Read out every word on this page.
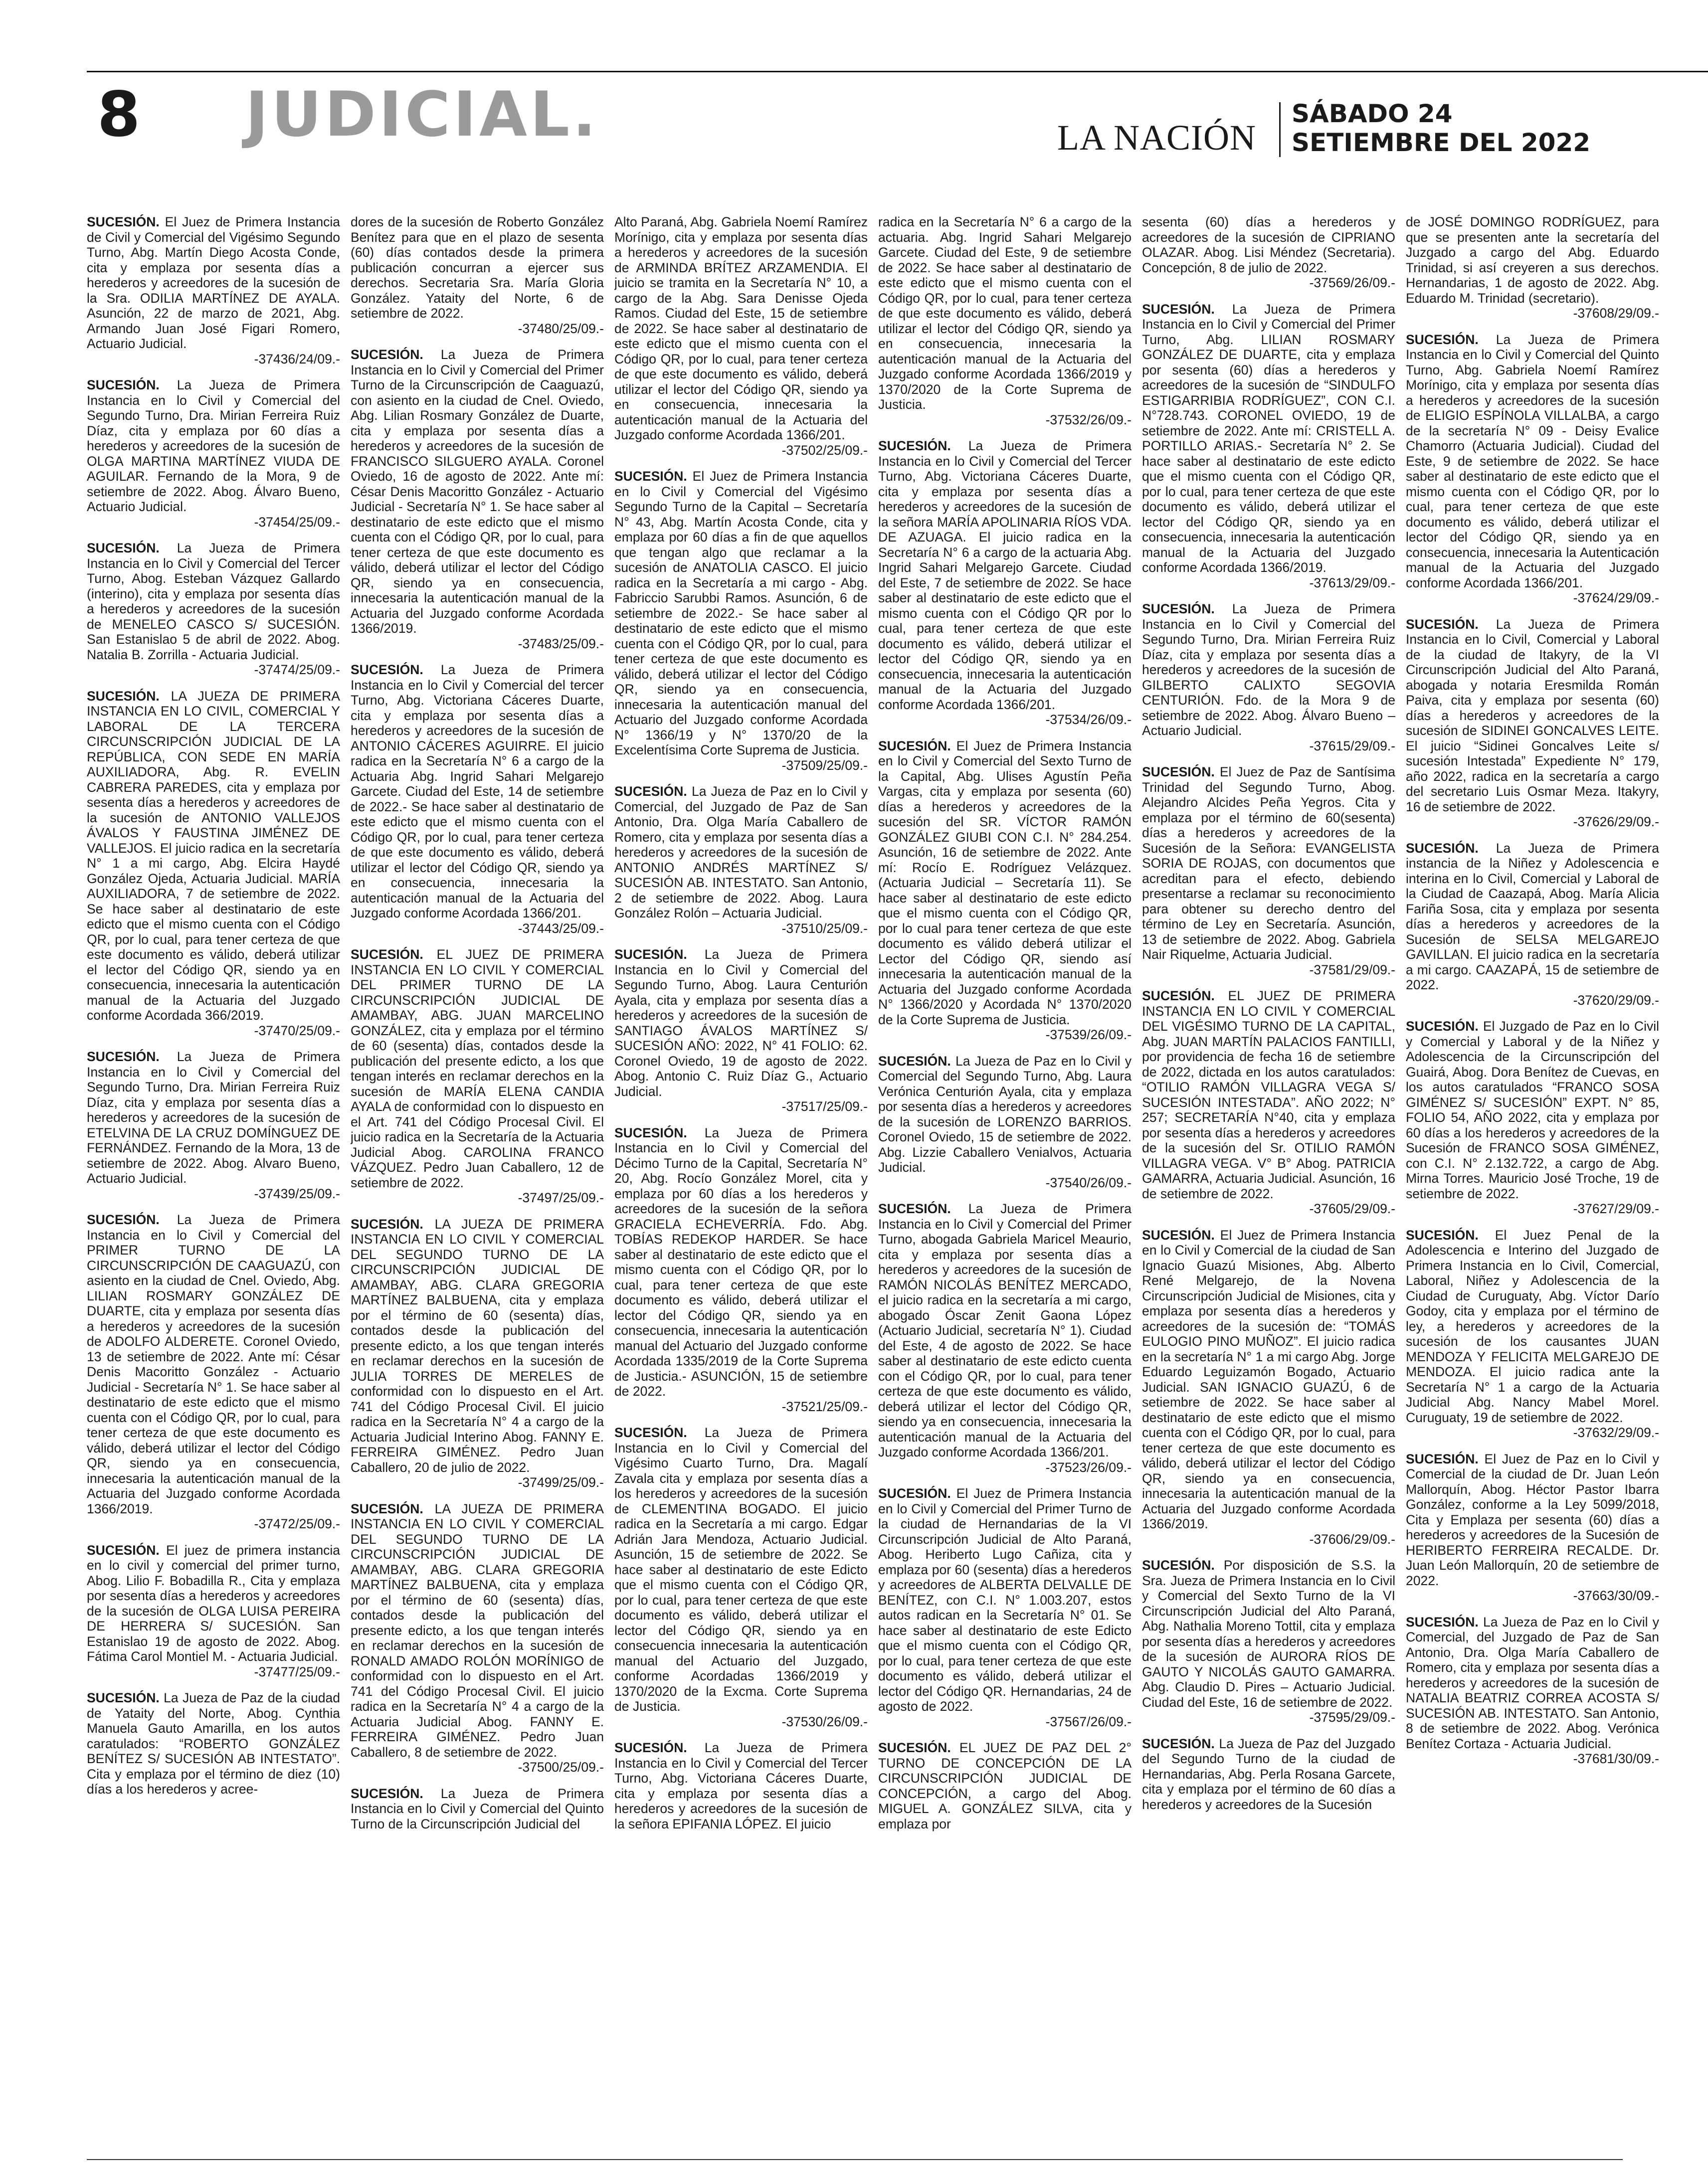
8 JUDICIAL.	LA NACIÓN
SÁBADO 24
SETIEMBRE DEL 2022

SUCESIÓN. El Juez de Primera Instancia de Civil y Comercial del Vigésimo Segundo Turno, Abg. Martín Diego Acosta Conde, cita y emplaza por sesenta días a herederos y acreedores de la sucesión de la Sra. ODILIA MARTÍNEZ DE AYALA. Asunción, 22 de marzo de 2021, Abg. Armando Juan José Figari Romero, Actuario Judicial.
-37436/24/09.-

SUCESIÓN. La Jueza de Primera Instancia en lo Civil y Comercial del Segundo Turno, Dra. Mirian Ferreira Ruiz Díaz, cita y emplaza por 60 días a herederos y acreedores de la sucesión de OLGA MARTINA MARTÍNEZ VIUDA DE AGUILAR. Fernando de la Mora, 9 de setiembre de 2022. Abog. Álvaro Bueno, Actuario Judicial.
-37454/25/09.-

SUCESIÓN. La Jueza de Primera Instancia en lo Civil y Comercial del Tercer Turno, Abog. Esteban Vázquez Gallardo (interino), cita y emplaza por sesenta días a herederos y acreedores de la sucesión de MENELEO CASCO S/ SUCESIÓN. San Estanislao 5 de abril de 2022. Abog. Natalia B. Zorrilla - Actuaria Judicial.
-37474/25/09.-

SUCESIÓN. LA JUEZA DE PRIMERA INSTANCIA EN LO CIVIL, COMERCIAL Y LABORAL DE LA TERCERA CIRCUNSCRIPCIÓN JUDICIAL DE LA REPÚBLICA, CON SEDE EN MARÍA AUXILIADORA, Abg. R. EVELIN CABRERA PAREDES, cita y emplaza por sesenta días a herederos y acreedores de la sucesión de ANTONIO VALLEJOS ÁVALOS Y FAUSTINA JIMÉNEZ DE VALLEJOS. El juicio radica en la secretaría N° 1 a mi cargo, Abg. Elcira Haydé González Ojeda, Actuaria Judicial. MARÍA AUXILIADORA, 7 de setiembre de 2022. Se hace saber al destinatario de este edicto que el mismo cuenta con el Código QR, por lo cual, para tener certeza de que este documento es válido, deberá utilizar el lector del Código QR, siendo ya en consecuencia, innecesaria la autenticación manual de la Actuaria del Juzgado conforme Acordada 366/2019.
-37470/25/09.-

SUCESIÓN. La Jueza de Primera Instancia en lo Civil y Comercial del Segundo Turno, Dra. Mirian Ferreira Ruiz Díaz, cita y emplaza por sesenta días a herederos y acreedores de la sucesión de ETELVINA DE LA CRUZ DOMÍNGUEZ DE FERNÁNDEZ. Fernando de la Mora, 13 de setiembre de 2022. Abog. Alvaro Bueno, Actuario Judicial.
-37439/25/09.-

SUCESIÓN. La Jueza de Primera Instancia en lo Civil y Comercial del PRIMER TURNO DE LA CIRCUNSCRIPCIÓN DE CAAGUAZÚ, con asiento en la ciudad de Cnel. Oviedo, Abg. LILIAN ROSMARY GONZÁLEZ DE DUARTE, cita y emplaza por sesenta días a herederos y acreedores de la sucesión de ADOLFO ALDERETE. Coronel Oviedo, 13 de setiembre de 2022. Ante mí: César Denis Macoritto González - Actuario Judicial - Secretaría N° 1. Se hace saber al destinatario de este edicto que el mismo cuenta con el Código QR, por lo cual, para tener certeza de que este documento es válido, deberá utilizar el lector del Código QR, siendo ya en consecuencia, innecesaria la autenticación manual de la Actuaria del Juzgado conforme Acordada 1366/2019.
-37472/25/09.-

SUCESIÓN. El juez de primera instancia en lo civil y comercial del primer turno, Abog. Lilio F. Bobadilla R., Cita y emplaza por sesenta días a herederos y acreedores de la sucesión de OLGA LUISA PEREIRA DE HERRERA S/ SUCESIÓN. San Estanislao 19 de agosto de 2022. Abog. Fátima Carol Montiel M. - Actuaria Judicial.
-37477/25/09.-

SUCESIÓN. La Jueza de Paz de la ciudad de Yataity del Norte, Abog. Cynthia Manuela Gauto Amarilla, en los autos caratulados: “ROBERTO GONZÁLEZ BENÍTEZ S/ SUCESIÓN AB INTESTATO”. Cita y emplaza por el término de diez (10) días a los herederos y acree-

dores de la sucesión de Roberto González Benítez para que en el plazo de sesenta (60) días contados desde la primera publicación concurran a ejercer sus derechos. Secretaria Sra. María Gloria González. Yataity del Norte, 6 de setiembre de 2022.
-37480/25/09.-

SUCESIÓN. La Jueza de Primera Instancia en lo Civil y Comercial del Primer Turno de la Circunscripción de Caaguazú, con asiento en la ciudad de Cnel. Oviedo, Abg. Lilian Rosmary González de Duarte, cita y emplaza por sesenta días a herederos y acreedores de la sucesión de FRANCISCO SILGUERO AYALA. Coronel Oviedo, 16 de agosto de 2022. Ante mí: César Denis Macoritto González - Actuario Judicial - Secretaría N° 1. Se hace saber al destinatario de este edicto que el mismo cuenta con el Código QR, por lo cual, para tener certeza de que este documento es válido, deberá utilizar el lector del Código QR, siendo ya en consecuencia, innecesaria la autenticación manual de la Actuaria del Juzgado conforme Acordada 1366/2019.
-37483/25/09.-

SUCESIÓN. La Jueza de Primera Instancia en lo Civil y Comercial del tercer Turno, Abg. Victoriana Cáceres Duarte, cita y emplaza por sesenta días a herederos y acreedores de la sucesión de ANTONIO CÁCERES AGUIRRE. El juicio radica en la Secretaría N° 6 a cargo de la Actuaria Abg. Ingrid Sahari Melgarejo Garcete. Ciudad del Este, 14 de setiembre de 2022.- Se hace saber al destinatario de este edicto que el mismo cuenta con el Código QR, por lo cual, para tener certeza de que este documento es válido, deberá utilizar el lector del Código QR, siendo ya en consecuencia, innecesaria la autenticación manual de la Actuaria del Juzgado conforme Acordada 1366/201.
-37443/25/09.-

SUCESIÓN. EL JUEZ DE PRIMERA INSTANCIA EN LO CIVIL Y COMERCIAL DEL PRIMER TURNO DE LA CIRCUNSCRIPCIÓN JUDICIAL DE AMAMBAY, ABG. JUAN MARCELINO GONZÁLEZ, cita y emplaza por el término de 60 (sesenta) días, contados desde la publicación del presente edicto, a los que tengan interés en reclamar derechos en la sucesión de MARÍA ELENA CANDIA AYALA de conformidad con lo dispuesto en el Art. 741 del Código Procesal Civil. El juicio radica en la Secretaría de la Actuaria Judicial Abog. CAROLINA FRANCO VÁZQUEZ. Pedro Juan Caballero, 12 de setiembre de 2022.
-37497/25/09.-

SUCESIÓN. LA JUEZA DE PRIMERA INSTANCIA EN LO CIVIL Y COMERCIAL DEL SEGUNDO TURNO DE LA CIRCUNSCRIPCIÓN JUDICIAL DE AMAMBAY, ABG. CLARA GREGORIA MARTÍNEZ BALBUENA, cita y emplaza por el término de 60 (sesenta) días, contados desde la publicación del presente edicto, a los que tengan interés en reclamar derechos en la sucesión de JULIA TORRES DE MERELES de conformidad con lo dispuesto en el Art. 741 del Código Procesal Civil. El juicio radica en la Secretaría N° 4 a cargo de la Actuaria Judicial Interino Abog. FANNY E. FERREIRA GIMÉNEZ. Pedro Juan Caballero, 20 de julio de 2022.
-37499/25/09.-

SUCESIÓN. LA JUEZA DE PRIMERA INSTANCIA EN LO CIVIL Y COMERCIAL DEL SEGUNDO TURNO DE LA CIRCUNSCRIPCIÓN JUDICIAL DE AMAMBAY, ABG. CLARA GREGORIA MARTÍNEZ BALBUENA, cita y emplaza por el término de 60 (sesenta) días, contados desde la publicación del presente edicto, a los que tengan interés en reclamar derechos en la sucesión de RONALD AMADO ROLÓN MORÍNIGO de conformidad con lo dispuesto en el Art. 741 del Código Procesal Civil. El juicio radica en la Secretaría N° 4 a cargo de la Actuaria Judicial Abog. FANNY E. FERREIRA GIMÉNEZ. Pedro Juan Caballero, 8 de setiembre de 2022.
-37500/25/09.-

SUCESIÓN. La Jueza de Primera Instancia en lo Civil y Comercial del Quinto Turno de la Circunscripción Judicial del

Alto Paraná, Abg. Gabriela Noemí Ramírez Morínigo, cita y emplaza por sesenta días a herederos y acreedores de la sucesión de ARMINDA BRÍTEZ ARZAMENDIA. El juicio se tramita en la Secretaría N° 10, a cargo de la Abg. Sara Denisse Ojeda Ramos. Ciudad del Este, 15 de setiembre de 2022. Se hace saber al destinatario de este edicto que el mismo cuenta con el Código QR, por lo cual, para tener certeza de que este documento es válido, deberá utilizar el lector del Código QR, siendo ya en consecuencia, innecesaria la autenticación manual de la Actuaria del Juzgado conforme Acordada 1366/201.
-37502/25/09.-

SUCESIÓN. El Juez de Primera Instancia en lo Civil y Comercial del Vigésimo Segundo Turno de la Capital – Secretaría N° 43, Abg. Martín Acosta Conde, cita y emplaza por 60 días a fin de que aquellos que tengan algo que reclamar a la sucesión de ANATOLIA CASCO. El juicio radica en la Secretaría a mi cargo - Abg. Fabriccio Sarubbi Ramos. Asunción, 6 de setiembre de 2022.- Se hace saber al destinatario de este edicto que el mismo cuenta con el Código QR, por lo cual, para tener certeza de que este documento es válido, deberá utilizar el lector del Código QR, siendo ya en consecuencia, innecesaria la autenticación manual del Actuario del Juzgado conforme Acordada N° 1366/19 y N° 1370/20 de la Excelentísima Corte Suprema de Justicia.
-37509/25/09.-

SUCESIÓN. La Jueza de Paz en lo Civil y Comercial, del Juzgado de Paz de San Antonio, Dra. Olga María Caballero de Romero, cita y emplaza por sesenta días a herederos y acreedores de la sucesión de ANTONIO ANDRÉS MARTÍNEZ S/ SUCESIÓN AB. INTESTATO. San Antonio, 2 de setiembre de 2022. Abog. Laura González Rolón – Actuaria Judicial.
-37510/25/09.-

SUCESIÓN. La Jueza de Primera Instancia en lo Civil y Comercial del Segundo Turno, Abog. Laura Centurión Ayala, cita y emplaza por sesenta días a herederos y acreedores de la sucesión de SANTIAGO ÁVALOS MARTÍNEZ S/ SUCESIÓN AÑO: 2022, N° 41 FOLIO: 62. Coronel Oviedo, 19 de agosto de 2022. Abog. Antonio C. Ruiz Díaz G., Actuario Judicial.
-37517/25/09.-

SUCESIÓN. La Jueza de Primera Instancia en lo Civil y Comercial del Décimo Turno de la Capital, Secretaría N° 20, Abg. Rocío González Morel, cita y emplaza por 60 días a los herederos y acreedores de la sucesión de la señora GRACIELA ECHEVERRÍA. Fdo. Abg. TOBÍAS REDEKOP HARDER. Se hace saber al destinatario de este edicto que el mismo cuenta con el Código QR, por lo cual, para tener certeza de que este documento es válido, deberá utilizar el lector del Código QR, siendo ya en consecuencia, innecesaria la autenticación manual del Actuario del Juzgado conforme Acordada 1335/2019 de la Corte Suprema de Justicia.- ASUNCIÓN, 15 de setiembre de 2022.
-37521/25/09.-

SUCESIÓN. La Jueza de Primera Instancia en lo Civil y Comercial del Vigésimo Cuarto Turno, Dra. Magalí Zavala cita y emplaza por sesenta días a los herederos y acreedores de la sucesión de CLEMENTINA BOGADO. El juicio radica en la Secretaría a mi cargo. Edgar Adrián Jara Mendoza, Actuario Judicial. Asunción, 15 de setiembre de 2022. Se hace saber al destinatario de este Edicto que el mismo cuenta con el Código QR, por lo cual, para tener certeza de que este documento es válido, deberá utilizar el lector del Código QR, siendo ya en consecuencia innecesaria la autenticación manual del Actuario del Juzgado, conforme Acordadas 1366/2019 y 1370/2020 de la Excma. Corte Suprema de Justicia.
-37530/26/09.-

SUCESIÓN. La Jueza de Primera Instancia en lo Civil y Comercial del Tercer Turno, Abg. Victoriana Cáceres Duarte, cita y emplaza por sesenta días a herederos y acreedores de la sucesión de la señora EPIFANIA LÓPEZ. El juicio

radica en la Secretaría N° 6 a cargo de la actuaria. Abg. Ingrid Sahari Melgarejo Garcete. Ciudad del Este, 9 de setiembre de 2022. Se hace saber al destinatario de este edicto que el mismo cuenta con el Código QR, por lo cual, para tener certeza de que este documento es válido, deberá utilizar el lector del Código QR, siendo ya en consecuencia, innecesaria la autenticación manual de la Actuaria del Juzgado conforme Acordada 1366/2019 y 1370/2020 de la Corte Suprema de Justicia.
-37532/26/09.-

SUCESIÓN. La Jueza de Primera Instancia en lo Civil y Comercial del Tercer Turno, Abg. Victoriana Cáceres Duarte, cita y emplaza por sesenta días a herederos y acreedores de la sucesión de la señora MARÍA APOLINARIA RÍOS VDA. DE AZUAGA. El juicio radica en la Secretaría N° 6 a cargo de la actuaria Abg. Ingrid Sahari Melgarejo Garcete. Ciudad del Este, 7 de setiembre de 2022. Se hace saber al destinatario de este edicto que el mismo cuenta con el Código QR por lo cual, para tener certeza de que este documento es válido, deberá utilizar el lector del Código QR, siendo ya en consecuencia, innecesaria la autenticación manual de la Actuaria del Juzgado conforme Acordada 1366/201.
-37534/26/09.-

SUCESIÓN. El Juez de Primera Instancia en lo Civil y Comercial del Sexto Turno de la Capital, Abg. Ulises Agustín Peña Vargas, cita y emplaza por sesenta (60) días a herederos y acreedores de la sucesión del SR. VÍCTOR RAMÓN GONZÁLEZ GIUBI CON C.I. N° 284.254. Asunción, 16 de setiembre de 2022. Ante mí: Rocío E. Rodríguez Velázquez. (Actuaria Judicial – Secretaría 11). Se hace saber al destinatario de este edicto que el mismo cuenta con el Código QR, por lo cual para tener certeza de que este documento es válido deberá utilizar el Lector del Código QR, siendo así innecesaria la autenticación manual de la Actuaria del Juzgado conforme Acordada N° 1366/2020 y Acordada N° 1370/2020 de la Corte Suprema de Justicia.
-37539/26/09.-

SUCESIÓN. La Jueza de Paz en lo Civil y Comercial del Segundo Turno, Abg. Laura Verónica Centurión Ayala, cita y emplaza por sesenta días a herederos y acreedores de la sucesión de LORENZO BARRIOS. Coronel Oviedo, 15 de setiembre de 2022. Abg. Lizzie Caballero Venialvos, Actuaria Judicial.
-37540/26/09.-

SUCESIÓN. La Jueza de Primera Instancia en lo Civil y Comercial del Primer Turno, abogada Gabriela Maricel Meaurio, cita y emplaza por sesenta días a herederos y acreedores de la sucesión de RAMÓN NICOLÁS BENÍTEZ MERCADO, el juicio radica en la secretaría a mi cargo, abogado Óscar Zenit Gaona López (Actuario Judicial, secretaría N° 1). Ciudad del Este, 4 de agosto de 2022. Se hace saber al destinatario de este edicto cuenta con el Código QR, por lo cual, para tener certeza de que este documento es válido, deberá utilizar el lector del Código QR, siendo ya en consecuencia, innecesaria la autenticación manual de la Actuaria del Juzgado conforme Acordada 1366/201.
-37523/26/09.-

SUCESIÓN. El Juez de Primera Instancia en lo Civil y Comercial del Primer Turno de la ciudad de Hernandarias de la VI Circunscripción Judicial de Alto Paraná, Abog. Heriberto Lugo Cañiza, cita y emplaza por 60 (sesenta) días a herederos y acreedores de ALBERTA DELVALLE DE BENÍTEZ, con C.I. N° 1.003.207, estos autos radican en la Secretaría N° 01. Se hace saber al destinatario de este Edicto que el mismo cuenta con el Código QR, por lo cual, para tener certeza de que este documento es válido, deberá utilizar el lector del Código QR. Hernandarias, 24 de agosto de 2022.
-37567/26/09.-

SUCESIÓN. EL JUEZ DE PAZ DEL 2° TURNO DE CONCEPCIÓN DE LA CIRCUNSCRIPCIÓN JUDICIAL DE CONCEPCIÓN, a cargo del Abog. MIGUEL A. GONZÁLEZ SILVA, cita y emplaza por

sesenta (60) días a herederos y acreedores de la sucesión de CIPRIANO OLAZAR. Abog. Lisi Méndez (Secretaria). Concepción, 8 de julio de 2022.
-37569/26/09.-

SUCESIÓN. La Jueza de Primera Instancia en lo Civil y Comercial del Primer Turno, Abg. LILIAN ROSMARY GONZÁLEZ DE DUARTE, cita y emplaza por sesenta (60) días a herederos y acreedores de la sucesión de “SINDULFO ESTIGARRIBIA RODRÍGUEZ”, CON C.I. N°728.743. CORONEL OVIEDO, 19 de setiembre de 2022. Ante mí: CRISTELL A. PORTILLO ARIAS.- Secretaría N° 2. Se hace saber al destinatario de este edicto que el mismo cuenta con el Código QR, por lo cual, para tener certeza de que este documento es válido, deberá utilizar el lector del Código QR, siendo ya en consecuencia, innecesaria la autenticación manual de la Actuaria del Juzgado conforme Acordada 1366/2019.
-37613/29/09.-

SUCESIÓN. La Jueza de Primera Instancia en lo Civil y Comercial del Segundo Turno, Dra. Mirian Ferreira Ruiz Díaz, cita y emplaza por sesenta días a herederos y acreedores de la sucesión de GILBERTO CALIXTO SEGOVIA CENTURIÓN. Fdo. de la Mora 9 de setiembre de 2022. Abog. Álvaro Bueno – Actuario Judicial.
-37615/29/09.-

SUCESIÓN. El Juez de Paz de Santísima Trinidad del Segundo Turno, Abog. Alejandro Alcides Peña Yegros. Cita y emplaza por el término de 60(sesenta) días a herederos y acreedores de la Sucesión de la Señora: EVANGELISTA SORIA DE ROJAS, con documentos que acreditan para el efecto, debiendo presentarse a reclamar su reconocimiento para obtener su derecho dentro del término de Ley en Secretaría. Asunción, 13 de setiembre de 2022. Abog. Gabriela Nair Riquelme, Actuaria Judicial.
-37581/29/09.-

SUCESIÓN. EL JUEZ DE PRIMERA INSTANCIA EN LO CIVIL Y COMERCIAL DEL VIGÉSIMO TURNO DE LA CAPITAL, Abg. JUAN MARTÍN PALACIOS FANTILLI, por providencia de fecha 16 de setiembre de 2022, dictada en los autos caratulados: “OTILIO RAMÓN VILLAGRA VEGA S/ SUCESIÓN INTESTADA”. AÑO 2022; N° 257; SECRETARÍA N°40, cita y emplaza por sesenta días a herederos y acreedores de la sucesión del Sr. OTILIO RAMÓN VILLAGRA VEGA. V° B° Abog. PATRICIA GAMARRA, Actuaria Judicial. Asunción, 16 de setiembre de 2022.
-37605/29/09.-

SUCESIÓN. El Juez de Primera Instancia en lo Civil y Comercial de la ciudad de San Ignacio Guazú Misiones, Abg. Alberto René Melgarejo, de la Novena Circunscripción Judicial de Misiones, cita y emplaza por sesenta días a herederos y acreedores de la sucesión de: “TOMÁS EULOGIO PINO MUÑOZ”. El juicio radica en la secretaría N° 1 a mi cargo Abg. Jorge Eduardo Leguizamón Bogado, Actuario Judicial. SAN IGNACIO GUAZÚ, 6 de setiembre de 2022. Se hace saber al destinatario de este edicto que el mismo cuenta con el Código QR, por lo cual, para tener certeza de que este documento es válido, deberá utilizar el lector del Código QR, siendo ya en consecuencia, innecesaria la autenticación manual de la Actuaria del Juzgado conforme Acordada 1366/2019.
-37606/29/09.-

SUCESIÓN. Por disposición de S.S. la Sra. Jueza de Primera Instancia en lo Civil y Comercial del Sexto Turno de la VI Circunscripción Judicial del Alto Paraná, Abg. Nathalia Moreno Tottil, cita y emplaza por sesenta días a herederos y acreedores de la sucesión de AURORA RÍOS DE GAUTO Y NICOLÁS GAUTO GAMARRA. Abg. Claudio D. Pires – Actuario Judicial. Ciudad del Este, 16 de setiembre de 2022.
-37595/29/09.-

SUCESIÓN. La Jueza de Paz del Juzgado del Segundo Turno de la ciudad de Hernandarias, Abg. Perla Rosana Garcete, cita y emplaza por el término de 60 días a herederos y acreedores de la Sucesión

de JOSÉ DOMINGO RODRÍGUEZ, para que se presenten ante la secretaría del Juzgado a cargo del Abg. Eduardo Trinidad, si así creyeren a sus derechos. Hernandarias, 1 de agosto de 2022. Abg. Eduardo M. Trinidad (secretario).
-37608/29/09.-

SUCESIÓN. La Jueza de Primera Instancia en lo Civil y Comercial del Quinto Turno, Abg. Gabriela Noemí Ramírez Morínigo, cita y emplaza por sesenta días a herederos y acreedores de la sucesión de ELIGIO ESPÍNOLA VILLALBA, a cargo de la secretaría N° 09 - Deisy Evalice Chamorro (Actuaria Judicial). Ciudad del Este, 9 de setiembre de 2022. Se hace saber al destinatario de este edicto que el mismo cuenta con el Código QR, por lo cual, para tener certeza de que este documento es válido, deberá utilizar el lector del Código QR, siendo ya en consecuencia, innecesaria la Autenticación manual de la Actuaria del Juzgado conforme Acordada 1366/201.
-37624/29/09.-

SUCESIÓN. La Jueza de Primera Instancia en lo Civil, Comercial y Laboral de la ciudad de Itakyry, de la VI Circunscripción Judicial del Alto Paraná, abogada y notaria Eresmilda Román Paiva, cita y emplaza por sesenta (60) días a herederos y acreedores de la sucesión de SIDINEI GONCALVES LEITE. El juicio “Sidinei Goncalves Leite s/ sucesión Intestada” Expediente N° 179, año 2022, radica en la secretaría a cargo del secretario Luis Osmar Meza. Itakyry, 16 de setiembre de 2022.
-37626/29/09.-

SUCESIÓN. La Jueza de Primera instancia de la Niñez y Adolescencia e interina en lo Civil, Comercial y Laboral de la Ciudad de Caazapá, Abog. María Alicia Fariña Sosa, cita y emplaza por sesenta días a herederos y acreedores de la Sucesión de SELSA MELGAREJO GAVILLAN. El juicio radica en la secretaría a mi cargo. CAAZAPÁ, 15 de setiembre de 2022.
-37620/29/09.-

SUCESIÓN. El Juzgado de Paz en lo Civil y Comercial y Laboral y de la Niñez y Adolescencia de la Circunscripción del Guairá, Abog. Dora Benítez de Cuevas, en los autos caratulados “FRANCO SOSA GIMÉNEZ S/ SUCESIÓN” EXPT. N° 85, FOLIO 54, AÑO 2022, cita y emplaza por 60 días a los herederos y acreedores de la Sucesión de FRANCO SOSA GIMÉNEZ, con C.I. N° 2.132.722, a cargo de Abg. Mirna Torres. Mauricio José Troche, 19 de setiembre de 2022.
-37627/29/09.-

SUCESIÓN. El Juez Penal de la Adolescencia e Interino del Juzgado de Primera Instancia en lo Civil, Comercial, Laboral, Niñez y Adolescencia de la Ciudad de Curuguaty, Abg. Víctor Darío Godoy, cita y emplaza por el término de ley, a herederos y acreedores de la sucesión de los causantes JUAN MENDOZA Y FELICITA MELGAREJO DE MENDOZA. El juicio radica ante la Secretaría N° 1 a cargo de la Actuaria Judicial Abg. Nancy Mabel Morel. Curuguaty, 19 de setiembre de 2022.
-37632/29/09.-

SUCESIÓN. El Juez de Paz en lo Civil y Comercial de la ciudad de Dr. Juan León Mallorquín, Abog. Héctor Pastor Ibarra González, conforme a la Ley 5099/2018, Cita y Emplaza per sesenta (60) días a herederos y acreedores de la Sucesión de HERIBERTO FERREIRA RECALDE. Dr. Juan León Mallorquín, 20 de setiembre de 2022.
-37663/30/09.-

SUCESIÓN. La Jueza de Paz en lo Civil y Comercial, del Juzgado de Paz de San Antonio, Dra. Olga María Caballero de Romero, cita y emplaza por sesenta días a herederos y acreedores de la sucesión de NATALIA BEATRIZ CORREA ACOSTA S/ SUCESIÓN AB. INTESTATO. San Antonio, 8 de setiembre de 2022. Abog. Verónica Benítez Cortaza - Actuaria Judicial.
-37681/30/09.-
